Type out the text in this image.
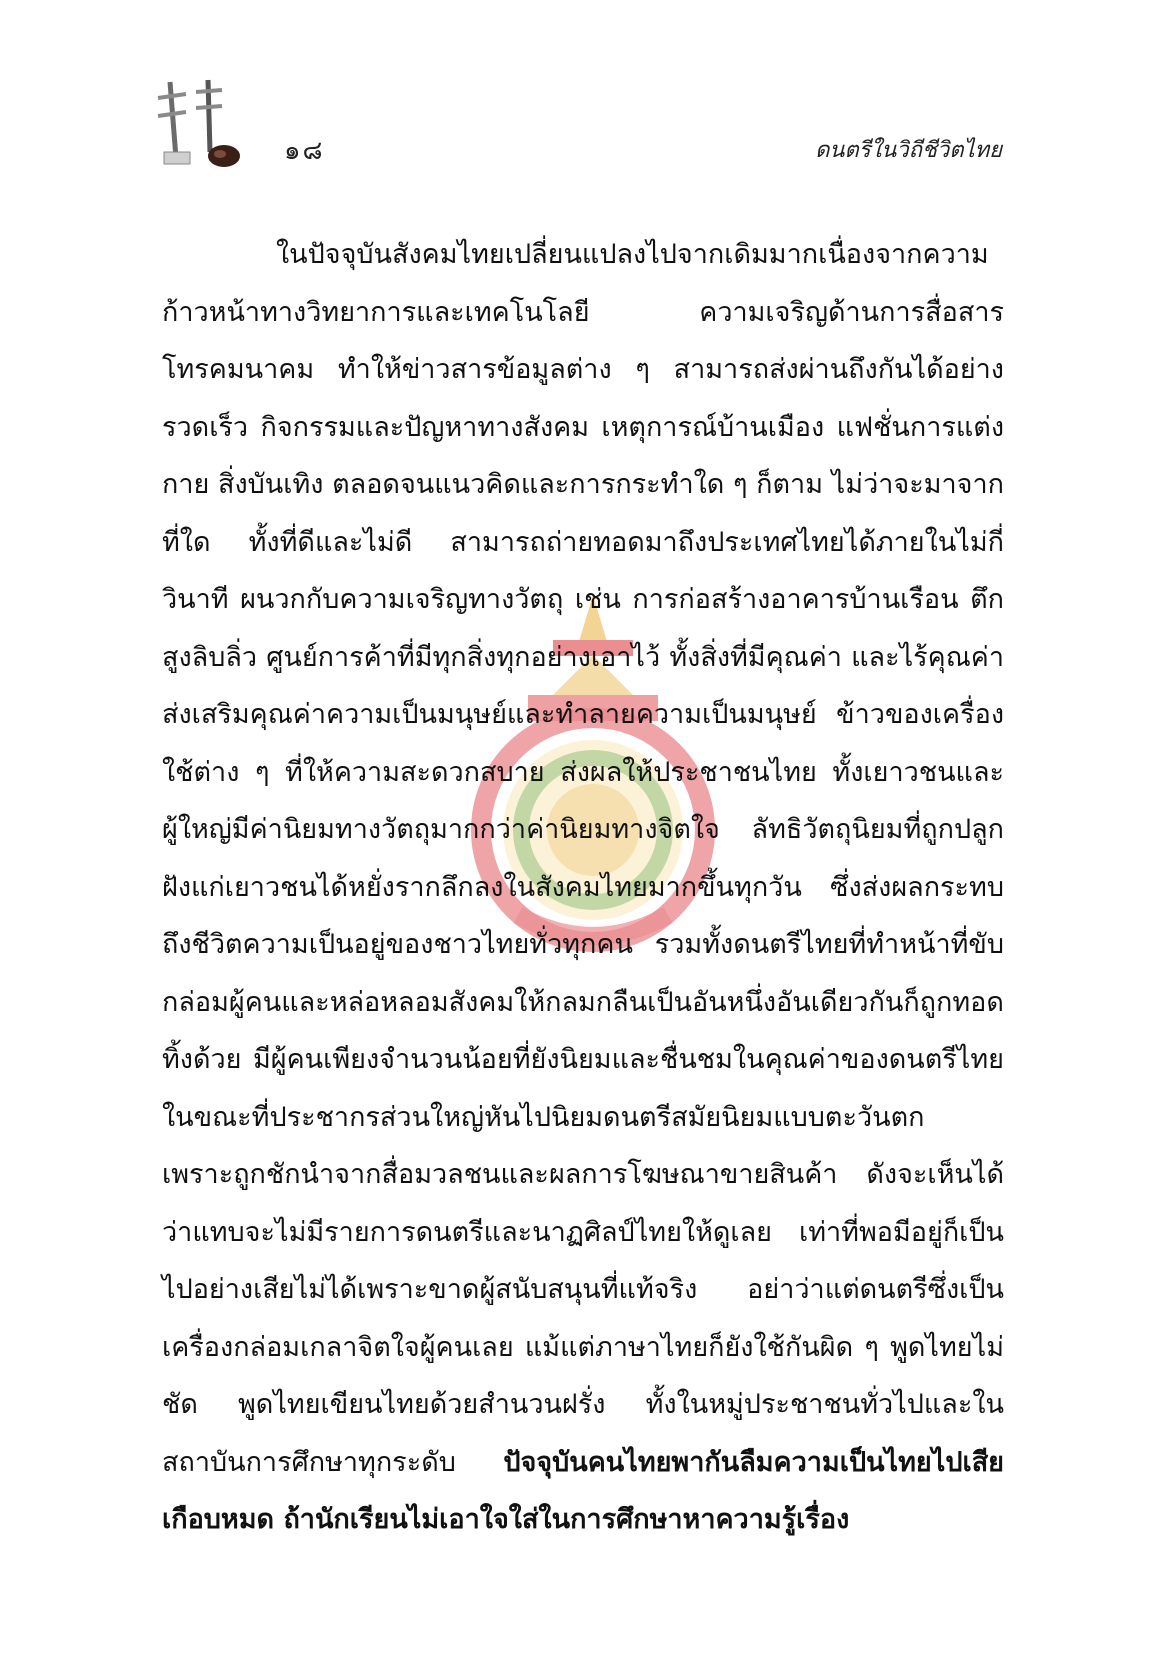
๑๘	ดนตรีในวิถีชีวิตไทย

ในปัจจุบันสังคมไทยเปลี่ยนแปลงไปจากเดิมมากเนื่องจากความก้าวหน้าทางวิทยาการและเทคโนโลยี ความเจริญด้านการสื่อสารโทรคมนาคม ทำให้ข่าวสารข้อมูลต่าง ๆ สามารถส่งผ่านถึงกันได้อย่างรวดเร็ว กิจกรรมและปัญหาทางสังคม เหตุการณ์บ้านเมือง แฟชั่นการแต่งกาย สิ่งบันเทิง ตลอดจนแนวคิดและการกระทำใด ๆ ก็ตาม ไม่ว่าจะมาจากที่ใด ทั้งที่ดีและไม่ดี สามารถถ่ายทอดมาถึงประเทศไทยได้ภายในไม่กี่วินาที ผนวกกับความเจริญทางวัตถุ เช่น การก่อสร้างอาคารบ้านเรือน ตึกสูงลิบลิ่ว ศูนย์การค้าที่มีทุกสิ่งทุกอย่างเอาไว้ ทั้งสิ่งที่มีคุณค่า และไร้คุณค่า ส่งเสริมคุณค่าความเป็นมนุษย์และทำลายความเป็นมนุษย์ ข้าวของเครื่องใช้ต่าง ๆ ที่ให้ความสะดวกสบาย ส่งผลให้ประชาชนไทย ทั้งเยาวชนและผู้ใหญ่มีค่านิยมทางวัตถุมากกว่าค่านิยมทางจิตใจ ลัทธิวัตถุนิยมที่ถูกปลูกฝังแก่เยาวชนได้หยั่งรากลึกลงในสังคมไทยมากขึ้นทุกวัน ซึ่งส่งผลกระทบถึงชีวิตความเป็นอยู่ของชาวไทยทั่วทุกคน รวมทั้งดนตรีไทยที่ทำหน้าที่ขับกล่อมผู้คนและหล่อหลอมสังคมให้กลมกลืนเป็นอันหนึ่งอันเดียวกันก็ถูกทอดทิ้งด้วย มีผู้คนเพียงจำนวนน้อยที่ยังนิยมและชื่นชมในคุณค่าของดนตรีไทย ในขณะที่ประชากรส่วนใหญ่หันไปนิยมดนตรีสมัยนิยมแบบตะวันตก เพราะถูกชักนำจากสื่อมวลชนและผลการโฆษณาขายสินค้า ดังจะเห็นได้ว่าแทบจะไม่มีรายการดนตรีและนาฏศิลป์ไทยให้ดูเลย เท่าที่พอมีอยู่ก็เป็นไปอย่างเสียไม่ได้เพราะขาดผู้สนับสนุนที่แท้จริง อย่าว่าแต่ดนตรีซึ่งเป็นเครื่องกล่อมเกลาจิตใจผู้คนเลย แม้แต่ภาษาไทยก็ยังใช้กันผิด ๆ พูดไทยไม่ชัด พูดไทยเขียนไทยด้วยสำนวนฝรั่ง ทั้งในหมู่ประชาชนทั่วไปและในสถาบันการศึกษาทุกระดับ ปัจจุบันคนไทยพากันลืมความเป็นไทยไปเสียเกือบหมด ถ้านักเรียนไม่เอาใจใส่ในการศึกษาหาความรู้เรื่อง
